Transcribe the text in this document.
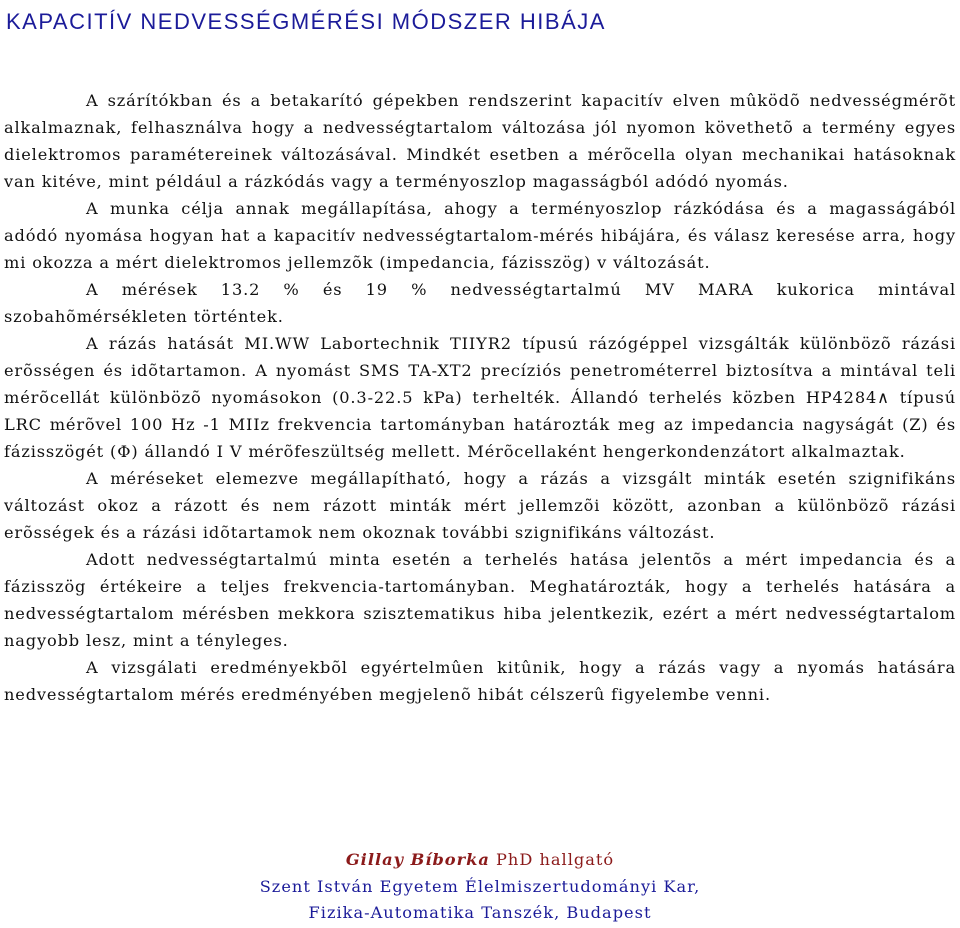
KAPACITÍV NEDVESSÉGMÉRÉSI MÓDSZER HIBÁJA

A szárítókban és a betakarító gépekben rendszerint kapacitív elven mûködõ nedvességmérõt alkalmaznak, felhasználva hogy a nedvességtartalom változása jól nyomon követhetõ a termény egyes dielektromos paramétereinek változásával. Mindkét esetben a mérõcella olyan mechanikai hatásoknak van kitéve, mint például a rázkódás vagy a terményoszlop magasságból adódó nyomás.

A munka célja annak megállapítása, ahogy a terményoszlop rázkódása és a magasságából adódó nyomása hogyan hat a kapacitív nedvességtartalom-mérés hibájára, és válasz keresése arra, hogy mi okozza a mért dielektromos jellemzõk (impedancia, fázisszög) v változását.

A mérések 13.2 % és 19 % nedvességtartalmú MV MARA kukorica mintával szobahõmérsékleten történtek.

A rázás hatását MI.WW Labortechnik TIIYR2 típusú rázógéppel vizsgálták különbözõ rázási erõsségen és idõtartamon. A nyomást SMS TA-XT2 precíziós penetrométerrel biztosítva a mintával teli mérõcellát különbözõ nyomásokon (0.3-22.5 kPa) terhelték. Állandó terhelés közben HP4284∧ típusú LRC mérõvel 100 Hz -1 MIIz frekvencia tartományban határozták meg az impedancia nagyságát (Z) és fázisszögét (Φ) állandó I V mérõfeszültség mellett. Mérõcellaként hengerkondenzátort alkalmaztak.

A méréseket elemezve megállapítható, hogy a rázás a vizsgált minták esetén szignifikáns változást okoz a rázott és nem rázott minták mért jellemzõi között, azonban a különbözõ rázási erõsségek és a rázási idõtartamok nem okoznak további szignifikáns változást.

Adott nedvességtartalmú minta esetén a terhelés hatása jelentõs a mért impedancia és a fázisszög értékeire a teljes frekvencia-tartományban. Meghatározták, hogy a terhelés hatására a nedvességtartalom mérésben mekkora szisztematikus hiba jelentkezik, ezért a mért nedvességtartalom nagyobb lesz, mint a tényleges.

A vizsgálati eredményekbõl egyértelmûen kitûnik, hogy a rázás vagy a nyomás hatására nedvességtartalom mérés eredményében megjelenõ hibát célszerû figyelembe venni.

Gillay Bíborka PhD hallgató
Szent István Egyetem Élelmiszertudományi Kar,
Fizika-Automatika Tanszék, Budapest
